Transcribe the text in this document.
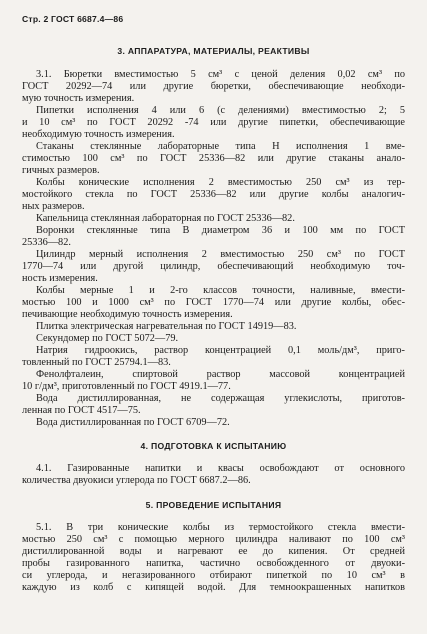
Стр. 2 ГОСТ 6687.4—86
3. АППАРАТУРА, МАТЕРИАЛЫ, РЕАКТИВЫ
3.1. Бюретки вместимостью 5 см³ с ценой деления 0,02 см³ по
ГОСТ 20292—74 или другие бюретки, обеспечивающие необходи-
мую точность измерения.
Пипетки исполнения 4 или 6 (с делениями) вместимостью 2; 5
и 10 см³ по ГОСТ 20292 -74 или другие пипетки, обеспечивающие
необходимую точность измерения.
Стаканы стеклянные лабораторные типа Н исполнения 1 вме-
стимостью 100 см³ по ГОСТ 25336—82 или другие стаканы анало-
гичных размеров.
Колбы конические исполнения 2 вместимостью 250 см³ из тер-
мостойкого стекла по ГОСТ 25336—82 или другие колбы аналогич-
ных размеров.
Капельница стеклянная лабораторная по ГОСТ 25336—82.
Воронки стеклянные типа В диаметром 36 и 100 мм по ГОСТ
25336—82.
Цилиндр мерный исполнения 2 вместимостью 250 см³ по ГОСТ
1770—74 или другой цилиндр, обеспечивающий необходимую точ-
ность измерения.
Колбы мерные 1 и 2-го классов точности, наливные, вмести-
мостью 100 и 1000 см³ по ГОСТ 1770—74 или другие колбы, обес-
печивающие необходимую точность измерения.
Плитка электрическая нагревательная по ГОСТ 14919—83.
Секундомер по ГОСТ 5072—79.
Натрия гидроокись, раствор концентрацией 0,1 моль/дм³, приго-
товленный по ГОСТ 25794.1—83.
Фенолфталеин, спиртовой раствор массовой концентрацией
10 г/дм³, приготовленный по ГОСТ 4919.1—77.
Вода дистиллированная, не содержащая углекислоты, приготов-
ленная по ГОСТ 4517—75.
Вода дистиллированная по ГОСТ 6709—72.
4. ПОДГОТОВКА К ИСПЫТАНИЮ
4.1. Газированные напитки и квасы освобождают от основного
количества двуокиси углерода по ГОСТ 6687.2—86.
5. ПРОВЕДЕНИЕ ИСПЫТАНИЯ
5.1. В три конические колбы из термостойкого стекла вмести-
мостью 250 см³ с помощью мерного цилиндра наливают по 100 см³
дистиллированной воды и нагревают ее до кипения. От средней
пробы газированного напитка, частично освобожденного от двуоки-
си углерода, и негазированного отбирают пипеткой по 10 см³ в
каждую из колб с кипящей водой. Для темноокрашенных напитков
